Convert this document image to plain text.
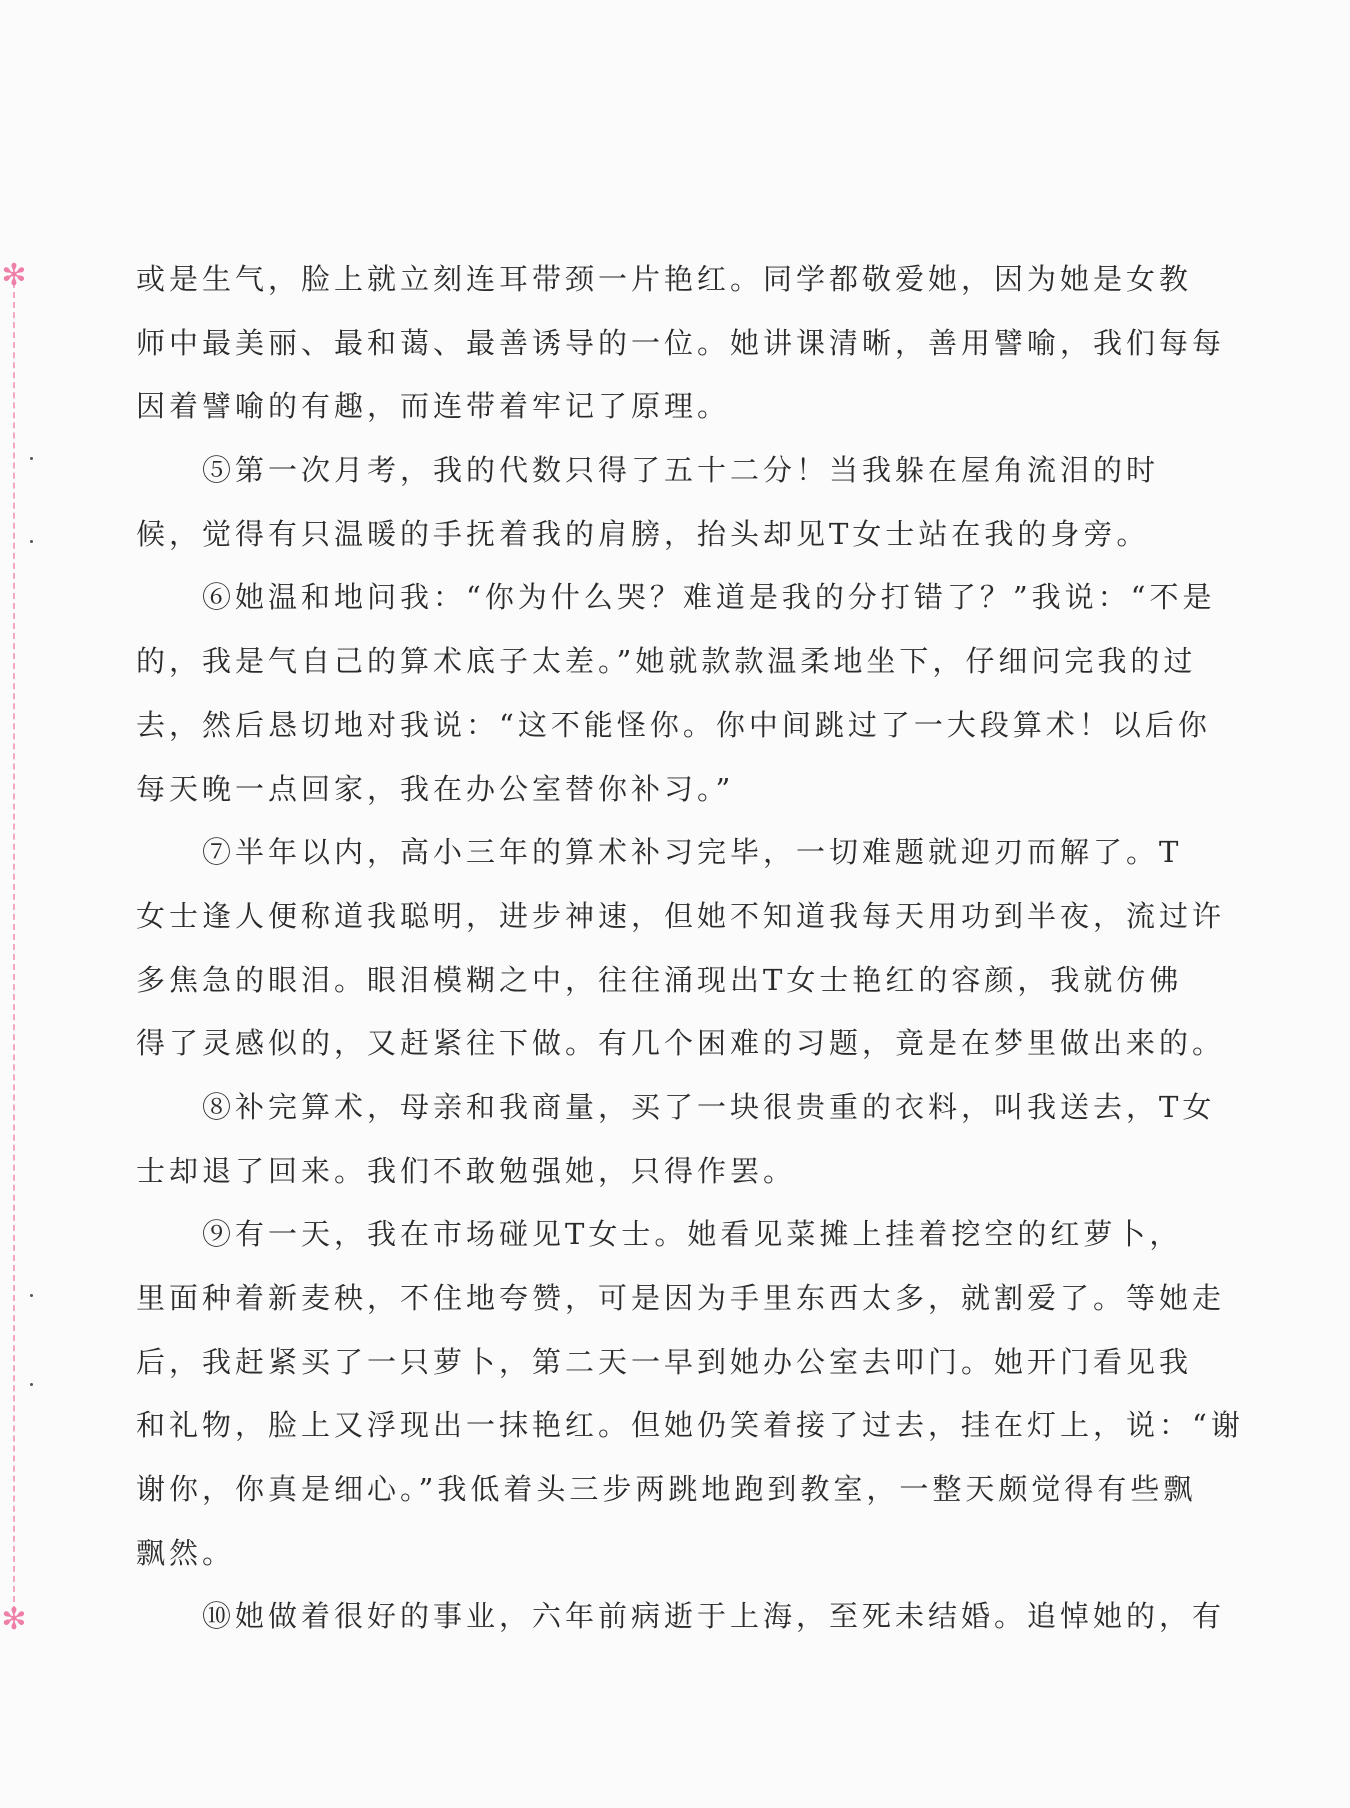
✻
✻
或是生气，脸上就立刻连耳带颈一片艳红。同学都敬爱她，因为她是女教
师中最美丽、最和蔼、最善诱导的一位。她讲课清晰，善用譬喻，我们每每
因着譬喻的有趣，而连带着牢记了原理。
　　⑤第一次月考，我的代数只得了五十二分！当我躲在屋角流泪的时
候，觉得有只温暖的手抚着我的肩膀，抬头却见T女士站在我的身旁。
　　⑥她温和地问我：“你为什么哭？难道是我的分打错了？”我说：“不是
的，我是气自己的算术底子太差。”她就款款温柔地坐下，仔细问完我的过
去，然后恳切地对我说：“这不能怪你。你中间跳过了一大段算术！以后你
每天晚一点回家，我在办公室替你补习。”
　　⑦半年以内，高小三年的算术补习完毕，一切难题就迎刃而解了。T
女士逢人便称道我聪明，进步神速，但她不知道我每天用功到半夜，流过许
多焦急的眼泪。眼泪模糊之中，往往涌现出T女士艳红的容颜，我就仿佛
得了灵感似的，又赶紧往下做。有几个困难的习题，竟是在梦里做出来的。
　　⑧补完算术，母亲和我商量，买了一块很贵重的衣料，叫我送去，T女
士却退了回来。我们不敢勉强她，只得作罢。
　　⑨有一天，我在市场碰见T女士。她看见菜摊上挂着挖空的红萝卜，
里面种着新麦秧，不住地夸赞，可是因为手里东西太多，就割爱了。等她走
后，我赶紧买了一只萝卜，第二天一早到她办公室去叩门。她开门看见我
和礼物，脸上又浮现出一抹艳红。但她仍笑着接了过去，挂在灯上，说：“谢
谢你，你真是细心。”我低着头三步两跳地跑到教室，一整天颇觉得有些飘
飘然。
　　⑩她做着很好的事业，六年前病逝于上海，至死未结婚。追悼她的，有
